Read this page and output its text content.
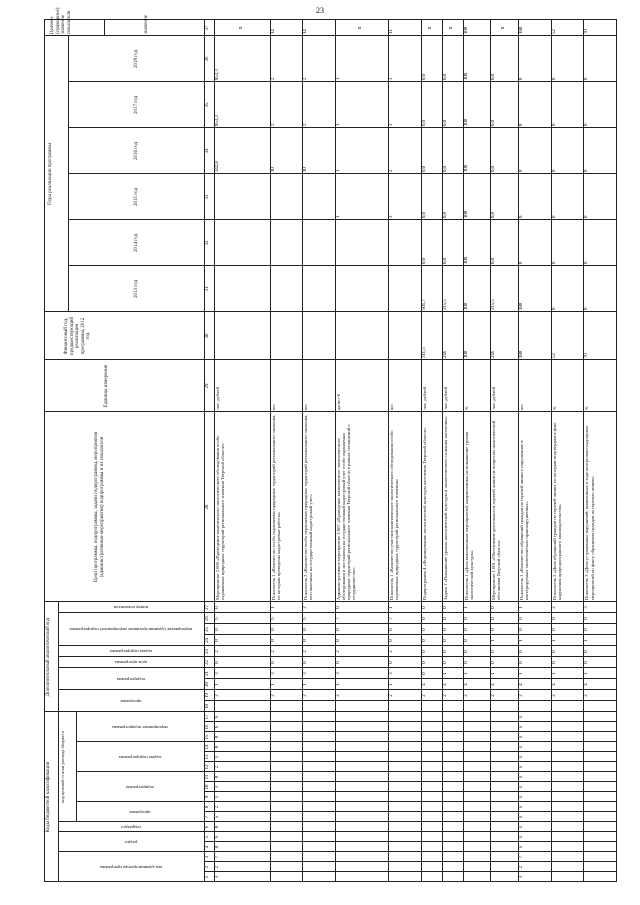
23
Коды бюджетной классификации
Дополнительный аналитический код
код целевой статьи расхода бюджета
код администратора программы
раздел
подраздел
программа
подпрограмма
задача подпрограммы
мероприятие подпрограммы
программа
подпрограмма
цель программы
задача подпрограммы
мероприятие (административное мероприятие) подпрограммы
номер показателя
Цели программы, подпрограммы, задачи подпрограммы, мероприятия (административные мероприятия) подпрограммы и их показатели
Единица измерения
Финансовый год, предшествующий реализации программы, 2012 год
Годы реализации программы
2013 год
2014 год
2015 год
2016 год
2017 год
2018 год
Целевое (суммарное) значение показателя	значение
1
2
3
4
5
6
7
8
9
10
11
12
13
14
15
16
17
18
19
20
21
22
23
24
25
26
27
28
29
30
31
32
33
34
35
36
37
3
2
7
0
6
0
5
2
1
3
0
2
1
0
0
6
6
2
1
3
0
2
0
0
6
0
Мероприятие 2.006 «Проведение комплексного экологического обследования особо охраняемых природных территорий регионального значения Тверской области»
тыс. рублей
342,8
853,3
853,3
х
2
1
3
0
2
0
0
6
1
Показатель 1 «Количество особо охраняемых природных территорий регионального значения, по которым проведены кадастровые работы»
шт.
10
2
2
14
2
1
3
0
2
0
0
6
2
Показатель 2 «Количество особо охраняемых природных территорий регионального значения, поставленных на государственный кадастровый учет»
шт.
10
2
2
14
2
1
3
0
2
0
0
7
0
Административное мероприятие 2.007 «Проведение комплексного экологического обследования и постановка на государственный кадастровый учет особо охраняемых природных территорий регионального значения Тверской области в рамках соглашений о сотрудничестве»
да/нет-0
1
1
1
1
х
2
1
3
0
2
0
0
7
1
Показатель 1 «Количество участков комплексного экологического обследования особо охраняемых природных территорий регионального значения»
шт.
3
2
3
3
11
2
4
0
0
0
0
0
0
0
Подпрограмма 4 «Формирование экологической культуры населения Тверской области»
тыс. рублей
311,5
501,7
0,0
0,0
0,0
0,0
0,0
х
2
4
1
0
0
0
0
0
0
Задача 1 «Повышение уровня экологической культуры и экологического сознания населения»
тыс. рублей
246
315,5
0,0
0,0
0,0
0,0
0,0
х
2
4
1
0
0
0
0
0
1
Показатель 1 «Доля выполненных мероприятий, направленных на повышение уровня экологической культуры»
%
100
100
100
100
100
100
100
100
2
4
1
0
0
1
0
0
0
Мероприятие 1.001 «Обеспечение деятельности горячей линии по вопросам экологической обстановки Тверской области»
тыс. рублей
246
315,5
0,0
0,0
0,0
0,0
0,0
х
3
2
7
х
х
х
х
х
х
х
х
х
х
х
х
х
х
2
4
1
0
0
1
0
0
1
Показатель 1 «Количество обращений граждан по горячей линии о нарушениях в интегрируемых экологических правонарушениях»
шт.
180
180
0
0
0
0
0
180
2
4
1
0
0
1
0
0
2
Показатель 2 «Доля обращений граждан по горячей линии, по которым подтвердился факт нарушения природоохранного законодательства»
%
52
0
0
0
0
0
0
52
2
4
1
0
0
1
0
0
3
Показатель 3 «Доля устраненных нарушений, выявленных в ходе контрольно-надзорных мероприятий по факту обращения граждан на горячую линию»
%
70
0
0
0
0
0
0
70
